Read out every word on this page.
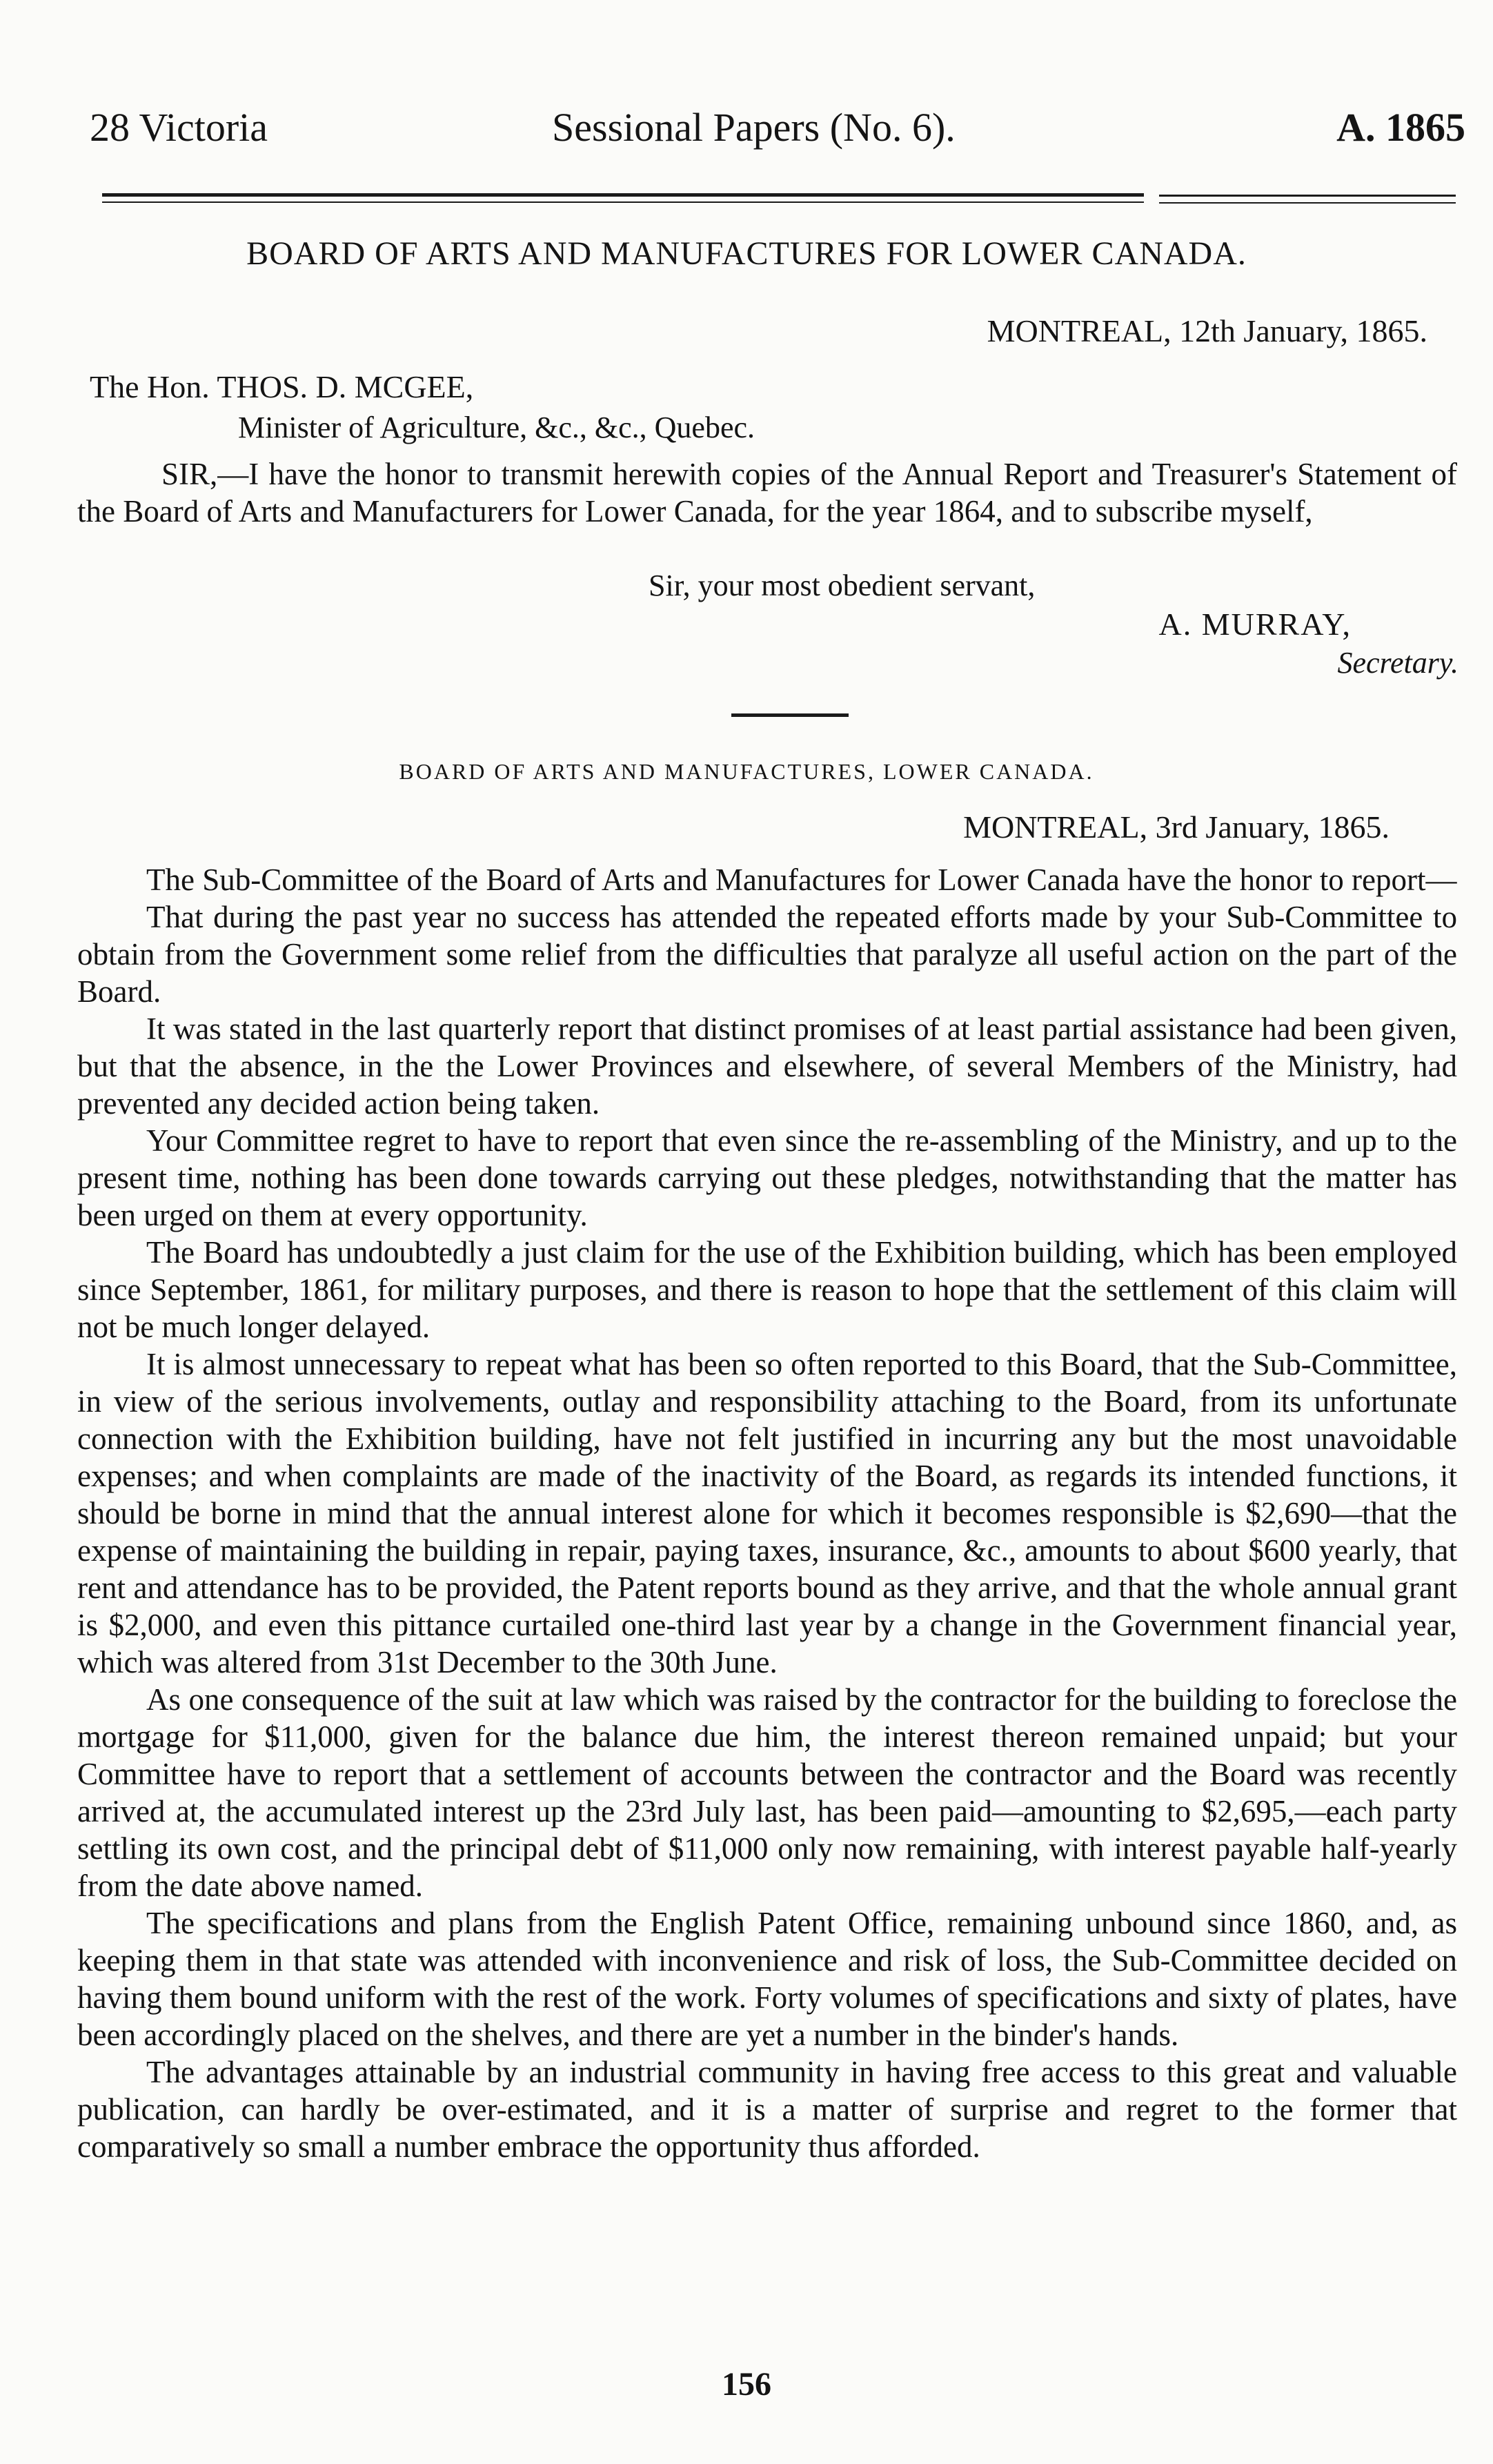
28 Victoria	Sessional Papers (No. 6).	A. 1865
BOARD OF ARTS AND MANUFACTURES FOR LOWER CANADA.
MONTREAL, 12th January, 1865.
The Hon. THOS. D. MCGEE,
Minister of Agriculture, &c., &c., Quebec.
SIR,—I have the honor to transmit herewith copies of the Annual Report and Treasurer's Statement of the Board of Arts and Manufacturers for Lower Canada, for the year 1864, and to subscribe myself,
Sir, your most obedient servant,
A. MURRAY,
Secretary.
BOARD OF ARTS AND MANUFACTURES, LOWER CANADA.
MONTREAL, 3rd January, 1865.

The Sub-Committee of the Board of Arts and Manufactures for Lower Canada have the honor to report—

That during the past year no success has attended the repeated efforts made by your Sub-Committee to obtain from the Government some relief from the difficulties that paralyze all useful action on the part of the Board.

It was stated in the last quarterly report that distinct promises of at least partial assistance had been given, but that the absence, in the the Lower Provinces and elsewhere, of several Members of the Ministry, had prevented any decided action being taken.

Your Committee regret to have to report that even since the re-assembling of the Ministry, and up to the present time, nothing has been done towards carrying out these pledges, notwithstanding that the matter has been urged on them at every opportunity.

The Board has undoubtedly a just claim for the use of the Exhibition building, which has been employed since September, 1861, for military purposes, and there is reason to hope that the settlement of this claim will not be much longer delayed.

It is almost unnecessary to repeat what has been so often reported to this Board, that the Sub-Committee, in view of the serious involvements, outlay and responsibility attaching to the Board, from its unfortunate connection with the Exhibition building, have not felt justified in incurring any but the most unavoidable expenses; and when complaints are made of the inactivity of the Board, as regards its intended functions, it should be borne in mind that the annual interest alone for which it becomes responsible is $2,690—that the expense of maintaining the building in repair, paying taxes, insurance, &c., amounts to about $600 yearly, that rent and attendance has to be provided, the Patent reports bound as they arrive, and that the whole annual grant is $2,000, and even this pittance curtailed one-third last year by a change in the Government financial year, which was altered from 31st December to the 30th June.

As one consequence of the suit at law which was raised by the contractor for the building to foreclose the mortgage for $11,000, given for the balance due him, the interest thereon remained unpaid; but your Committee have to report that a settlement of accounts between the contractor and the Board was recently arrived at, the accumulated interest up the 23rd July last, has been paid—amounting to $2,695,—each party settling its own cost, and the principal debt of $11,000 only now remaining, with interest payable half-yearly from the date above named.

The specifications and plans from the English Patent Office, remaining unbound since 1860, and, as keeping them in that state was attended with inconvenience and risk of loss, the Sub-Committee decided on having them bound uniform with the rest of the work. Forty volumes of specifications and sixty of plates, have been accordingly placed on the shelves, and there are yet a number in the binder's hands.

The advantages attainable by an industrial community in having free access to this great and valuable publication, can hardly be over-estimated, and it is a matter of surprise and regret to the former that comparatively so small a number embrace the opportunity thus afforded.

156
